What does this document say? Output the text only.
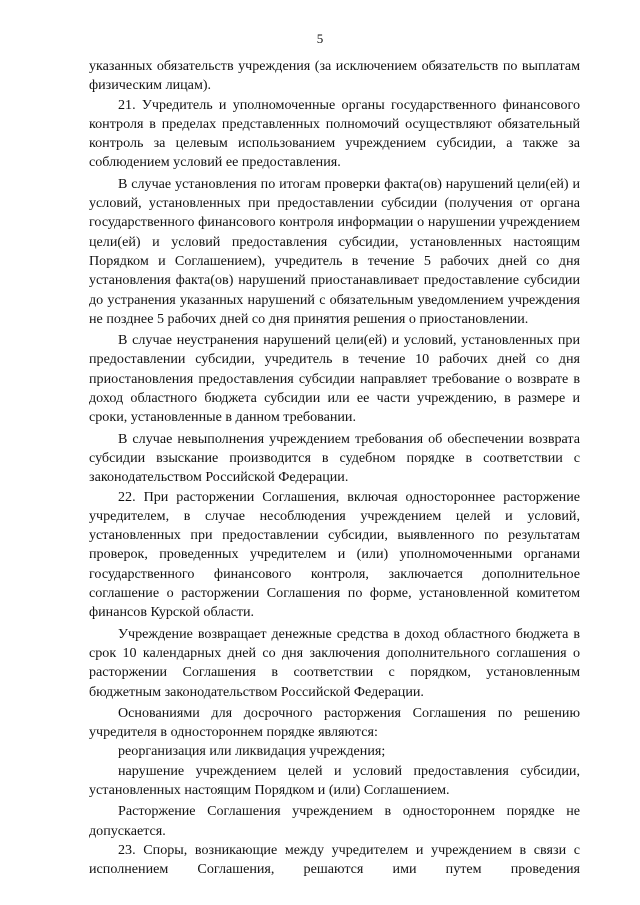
5

указанных обязательств учреждения (за исключением обязательств по выплатам физическим лицам).

21. Учредитель и уполномоченные органы государственного финансового контроля в пределах представленных полномочий осуществляют обязательный контроль за целевым использованием учреждением субсидии, а также за соблюдением условий ее предоставления.

В случае установления по итогам проверки факта(ов) нарушений цели(ей) и условий, установленных при предоставлении субсидии (получения от органа государственного финансового контроля информации о нарушении учреждением цели(ей) и условий предоставления субсидии, установленных настоящим Порядком и Соглашением), учредитель в течение 5 рабочих дней со дня установления факта(ов) нарушений приостанавливает предоставление субсидии до устранения указанных нарушений с обязательным уведомлением учреждения не позднее 5 рабочих дней со дня принятия решения о приостановлении.

В случае неустранения нарушений цели(ей) и условий, установленных при предоставлении субсидии, учредитель в течение 10 рабочих дней со дня приостановления предоставления субсидии направляет требование о возврате в доход областного бюджета субсидии или ее части учреждению, в размере и сроки, установленные в данном требовании.

В случае невыполнения учреждением требования об обеспечении возврата субсидии взыскание производится в судебном порядке в соответствии с законодательством Российской Федерации.

22. При расторжении Соглашения, включая одностороннее расторжение учредителем, в случае несоблюдения учреждением целей и условий, установленных при предоставлении субсидии, выявленного по результатам проверок, проведенных учредителем и (или) уполномоченными органами государственного финансового контроля, заключается дополнительное соглашение о расторжении Соглашения по форме, установленной комитетом финансов Курской области.

Учреждение возвращает денежные средства в доход областного бюджета в срок 10 календарных дней со дня заключения дополнительного соглашения о расторжении Соглашения в соответствии с порядком, установленным бюджетным законодательством Российской Федерации.

Основаниями для досрочного расторжения Соглашения по решению учредителя в одностороннем порядке являются:

реорганизация или ликвидация учреждения;

нарушение учреждением целей и условий предоставления субсидии, установленных настоящим Порядком и (или) Соглашением.

Расторжение Соглашения учреждением в одностороннем порядке не допускается.

23. Споры, возникающие между учредителем и учреждением в связи с исполнением Соглашения, решаются ими путем проведения
